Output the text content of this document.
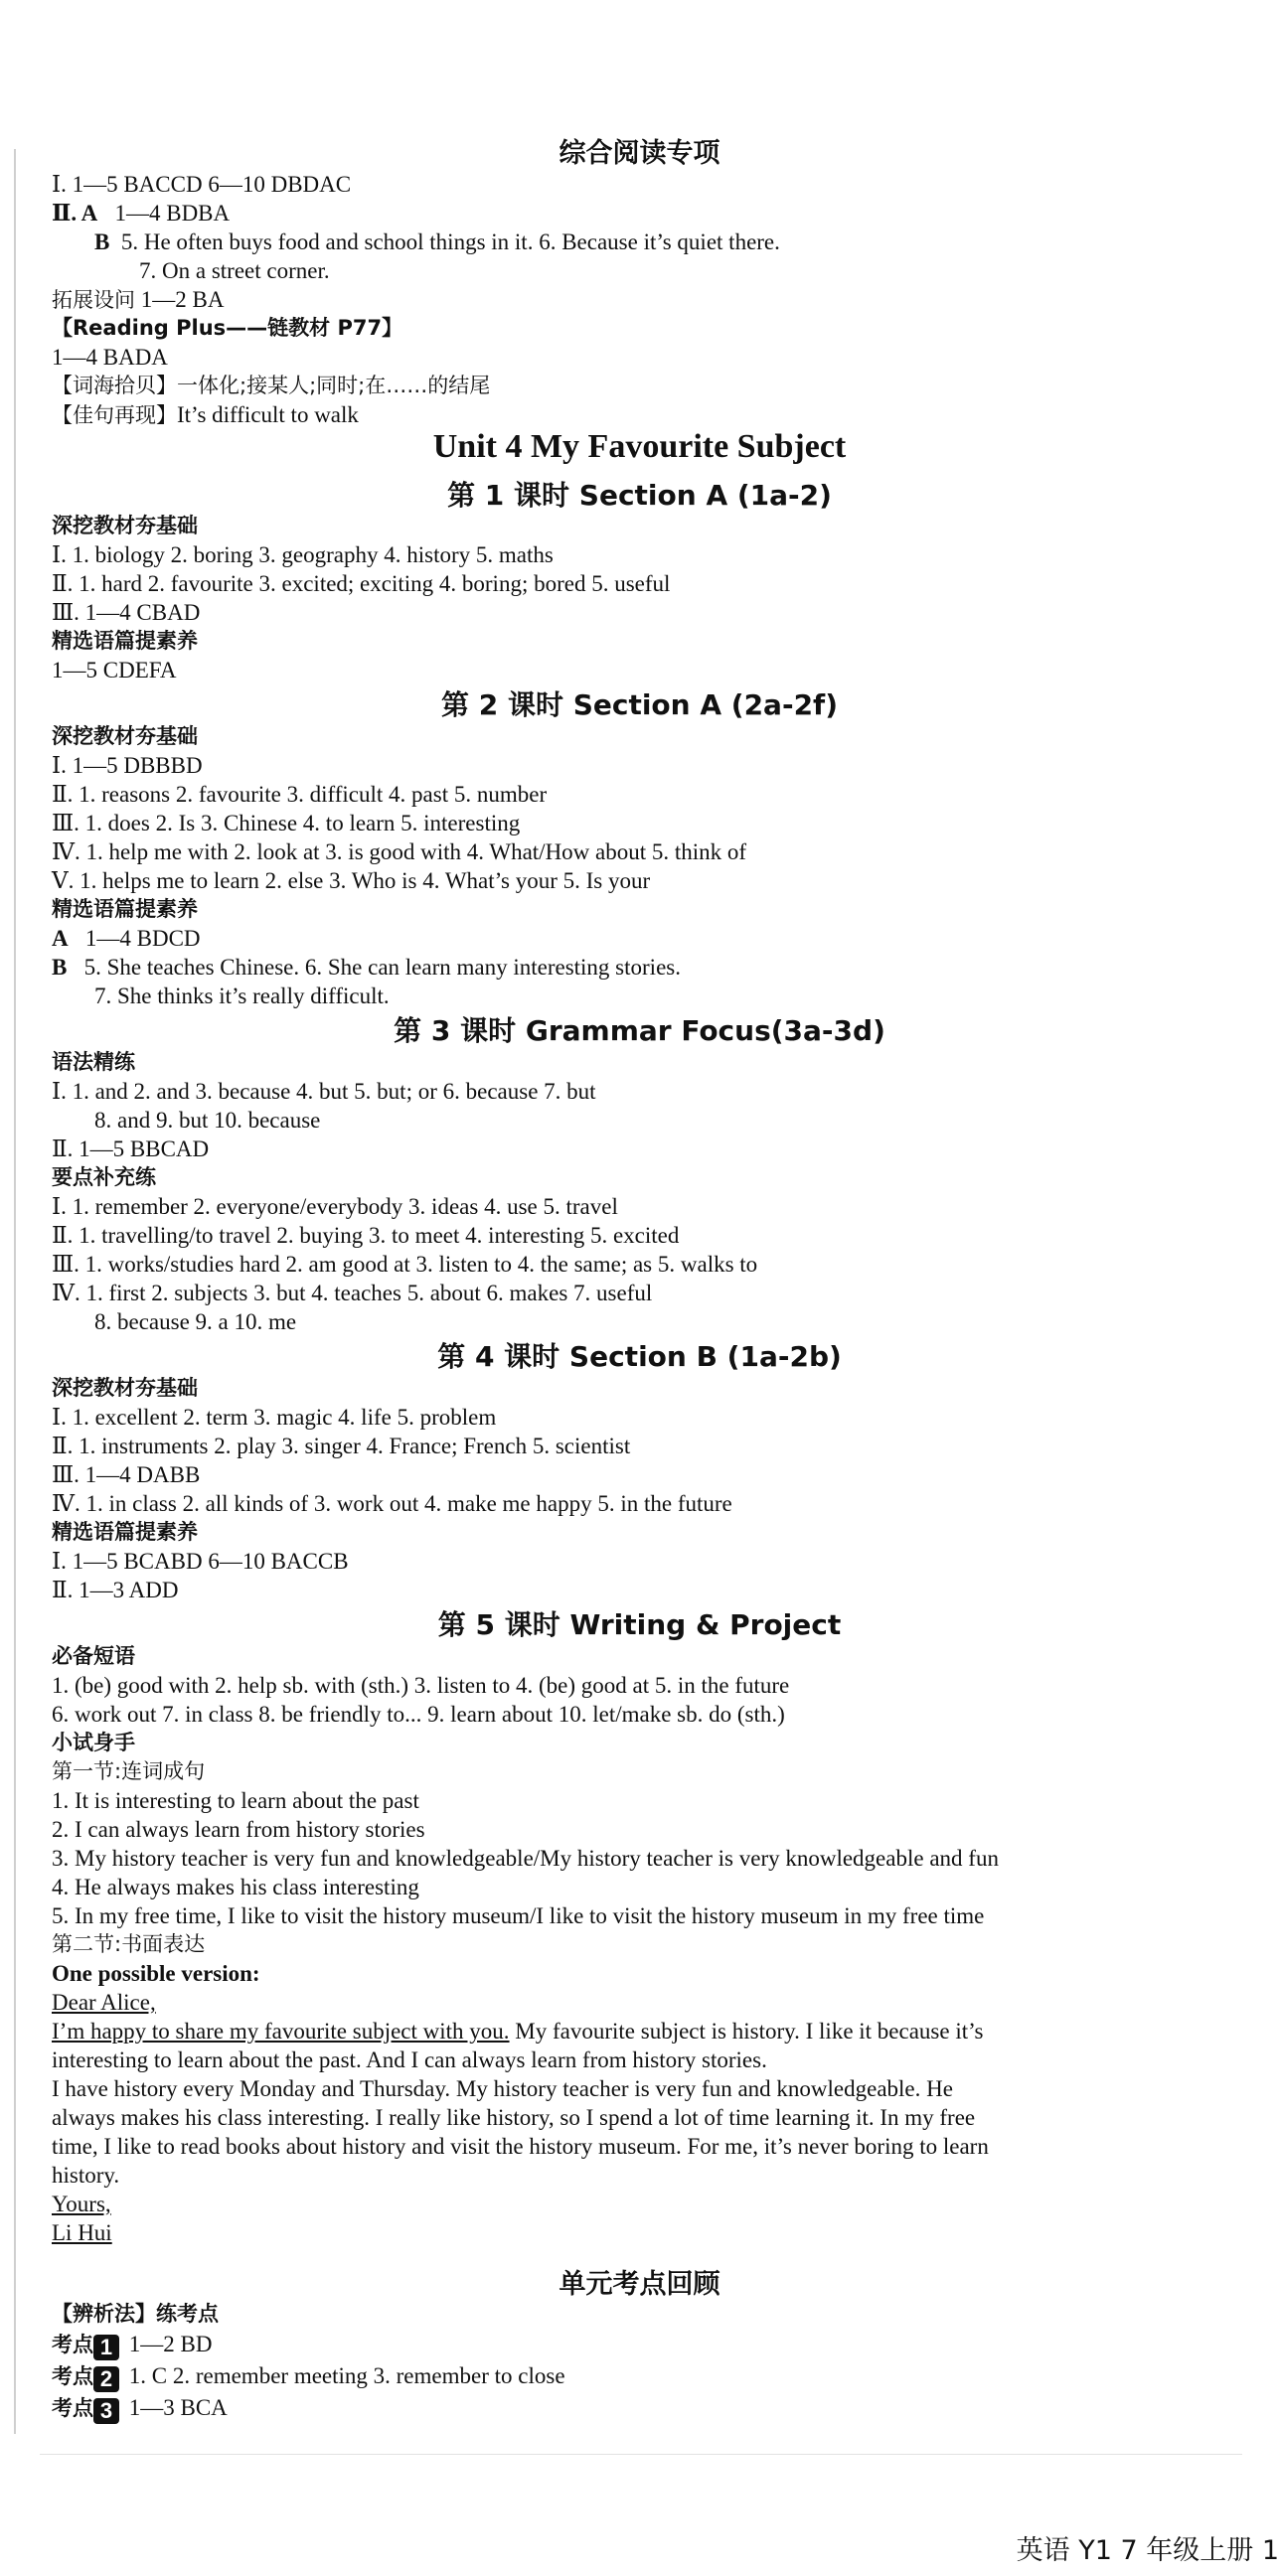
综合阅读专项
Ⅰ. 1—5 BACCD 6—10 DBDAC
Ⅱ. A 1—4 BDBA
B 5. He often buys food and school things in it. 6. Because it’s quiet there.
7. On a street corner.
拓展设问 1—2 BA
【Reading Plus——链教材 P77】
1—4 BADA
【词海拾贝】一体化;接某人;同时;在……的结尾
【佳句再现】It’s difficult to walk
Unit 4 My Favourite Subject
第 1 课时 Section A (1a-2)
深挖教材夯基础
Ⅰ. 1. biology 2. boring 3. geography 4. history 5. maths
Ⅱ. 1. hard 2. favourite 3. excited; exciting 4. boring; bored 5. useful
Ⅲ. 1—4 CBAD
精选语篇提素养
1—5 CDEFA
第 2 课时 Section A (2a-2f)
深挖教材夯基础
Ⅰ. 1—5 DBBBD
Ⅱ. 1. reasons 2. favourite 3. difficult 4. past 5. number
Ⅲ. 1. does 2. Is 3. Chinese 4. to learn 5. interesting
Ⅳ. 1. help me with 2. look at 3. is good with 4. What/How about 5. think of
Ⅴ. 1. helps me to learn 2. else 3. Who is 4. What’s your 5. Is your
精选语篇提素养
A 1—4 BDCD
B 5. She teaches Chinese. 6. She can learn many interesting stories.
7. She thinks it’s really difficult.
第 3 课时 Grammar Focus(3a-3d)
语法精练
Ⅰ. 1. and 2. and 3. because 4. but 5. but; or 6. because 7. but
8. and 9. but 10. because
Ⅱ. 1—5 BBCAD
要点补充练
Ⅰ. 1. remember 2. everyone/everybody 3. ideas 4. use 5. travel
Ⅱ. 1. travelling/to travel 2. buying 3. to meet 4. interesting 5. excited
Ⅲ. 1. works/studies hard 2. am good at 3. listen to 4. the same; as 5. walks to
Ⅳ. 1. first 2. subjects 3. but 4. teaches 5. about 6. makes 7. useful
8. because 9. a 10. me
第 4 课时 Section B (1a-2b)
深挖教材夯基础
Ⅰ. 1. excellent 2. term 3. magic 4. life 5. problem
Ⅱ. 1. instruments 2. play 3. singer 4. France; French 5. scientist
Ⅲ. 1—4 DABB
Ⅳ. 1. in class 2. all kinds of 3. work out 4. make me happy 5. in the future
精选语篇提素养
Ⅰ. 1—5 BCABD 6—10 BACCB
Ⅱ. 1—3 ADD
第 5 课时 Writing & Project
必备短语
1. (be) good with 2. help sb. with (sth.) 3. listen to 4. (be) good at 5. in the future
6. work out 7. in class 8. be friendly to... 9. learn about 10. let/make sb. do (sth.)
小试身手
第一节:连词成句
1. It is interesting to learn about the past
2. I can always learn from history stories
3. My history teacher is very fun and knowledgeable/My history teacher is very knowledgeable and fun
4. He always makes his class interesting
5. In my free time, I like to visit the history museum/I like to visit the history museum in my free time
第二节:书面表达
One possible version:
Dear Alice,
I’m happy to share my favourite subject with you. My favourite subject is history. I like it because it’s
interesting to learn about the past. And I can always learn from history stories.
I have history every Monday and Thursday. My history teacher is very fun and knowledgeable. He
always makes his class interesting. I really like history, so I spend a lot of time learning it. In my free
time, I like to read books about history and visit the history museum. For me, it’s never boring to learn
history.
Yours,
Li Hui
单元考点回顾
【辨析法】练考点
考点 1 1—2 BD
考点 2 1. C 2. remember meeting 3. remember to close
考点 3 1—3 BCA
英语 Y1 7 年级上册 1
